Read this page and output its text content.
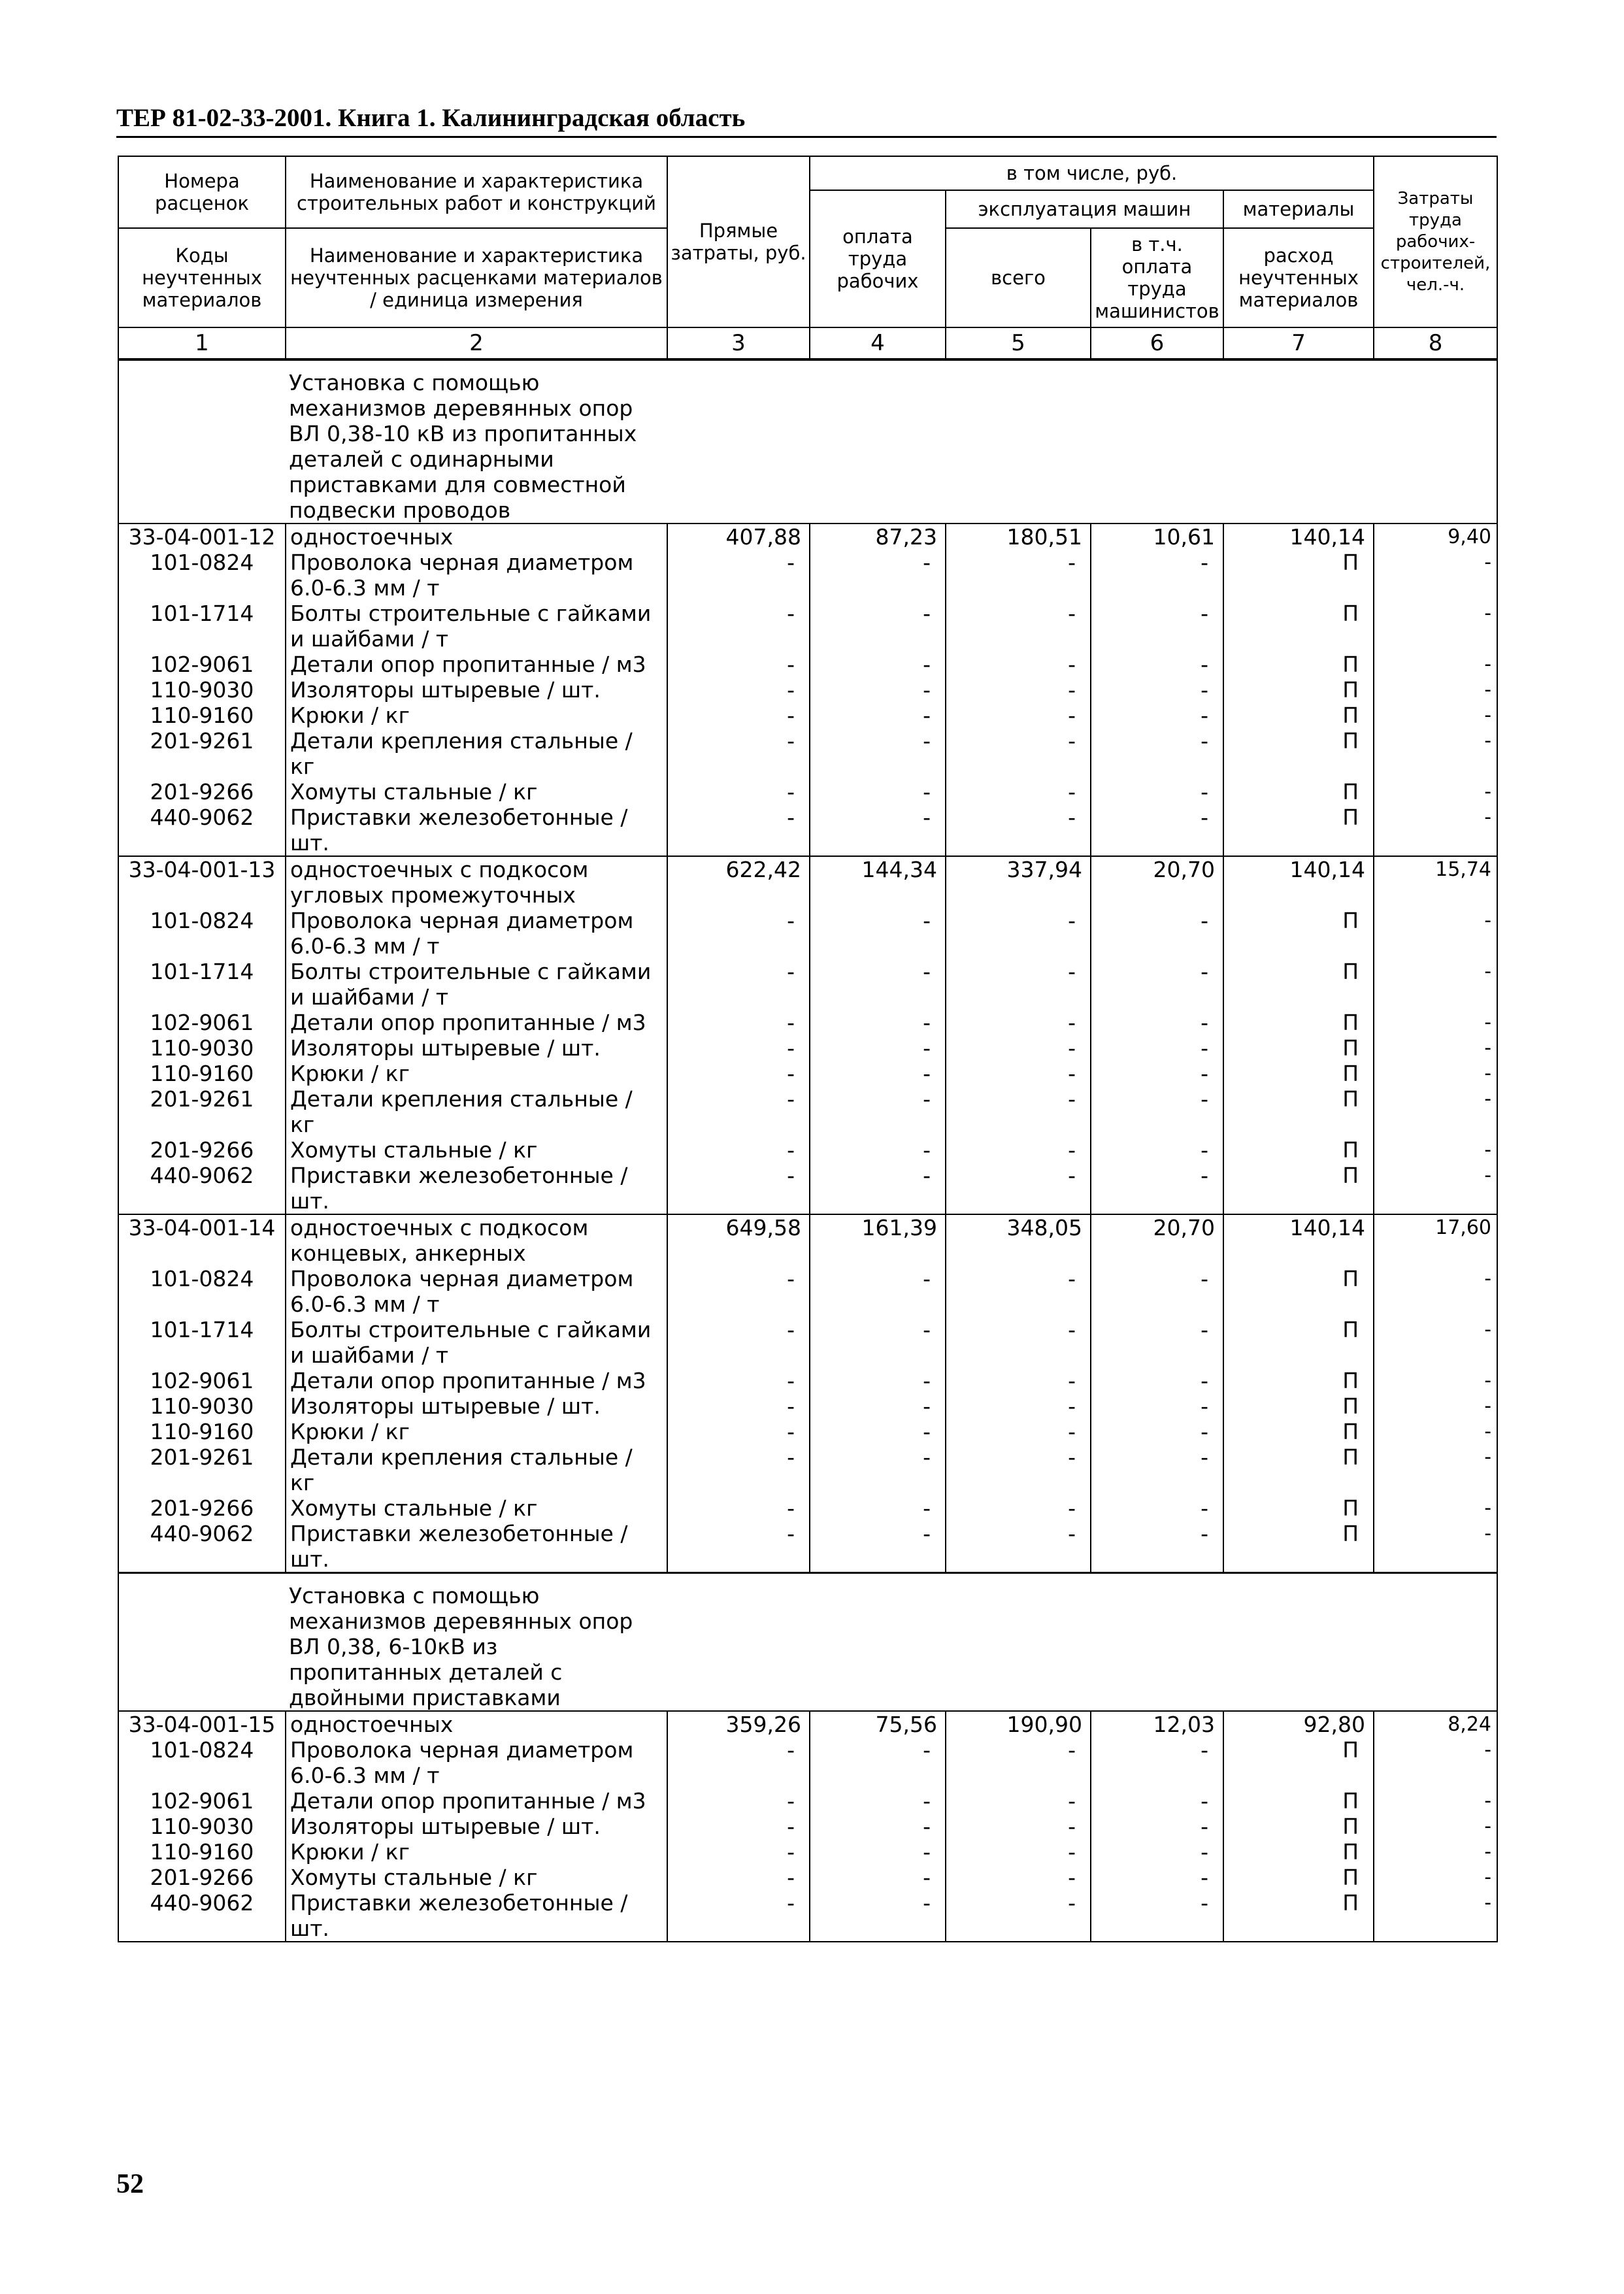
ТЕР 81-02-33-2001. Книга 1. Калининградская область
Номера расценок	Наименование и характеристика строительных работ и конструкций	Прямые затраты, руб.	в том числе, руб.				Затраты труда рабочих-строителей, чел.-ч.
			оплата труда рабочих	эксплуатация машин		материалы	
Коды неучтенных материалов	Наименование и характеристика неучтенных расценками материалов / единица измерения			всего	в т.ч. оплата труда машинистов	расход неучтенных материалов	
1	2	3	4	5	6	7	8

Установка с помощью механизмов деревянных опор ВЛ 0,38-10 кВ из пропитанных деталей с одинарными приставками для совместной подвески проводов							

33-04-001-12	одностоечных	407,88	87,23	180,51	10,61	140,14	9,40
101-0824	Проволока черная диаметром 6.0-6.3 мм / т	-	-	-	-	П	-
101-1714	Болты строительные с гайками и шайбами / т	-	-	-	-	П	-
102-9061	Детали опор пропитанные / м3	-	-	-	-	П	-
110-9030	Изоляторы штыревые / шт.	-	-	-	-	П	-
110-9160	Крюки / кг	-	-	-	-	П	-
201-9261	Детали крепления стальные / кг	-	-	-	-	П	-
201-9266	Хомуты стальные / кг	-	-	-	-	П	-
440-9062	Приставки железобетонные / шт.	-	-	-	-	П	-
33-04-001-13	одностоечных с подкосом угловых промежуточных	622,42	144,34	337,94	20,70	140,14	15,74
101-0824	Проволока черная диаметром 6.0-6.3 мм / т	-	-	-	-	П	-
101-1714	Болты строительные с гайками и шайбами / т	-	-	-	-	П	-
102-9061	Детали опор пропитанные / м3	-	-	-	-	П	-
110-9030	Изоляторы штыревые / шт.	-	-	-	-	П	-
110-9160	Крюки / кг	-	-	-	-	П	-
201-9261	Детали крепления стальные / кг	-	-	-	-	П	-
201-9266	Хомуты стальные / кг	-	-	-	-	П	-
440-9062	Приставки железобетонные / шт.	-	-	-	-	П	-
33-04-001-14	одностоечных с подкосом концевых, анкерных	649,58	161,39	348,05	20,70	140,14	17,60
101-0824	Проволока черная диаметром 6.0-6.3 мм / т	-	-	-	-	П	-
101-1714	Болты строительные с гайками и шайбами / т	-	-	-	-	П	-
102-9061	Детали опор пропитанные / м3	-	-	-	-	П	-
110-9030	Изоляторы штыревые / шт.	-	-	-	-	П	-
110-9160	Крюки / кг	-	-	-	-	П	-
201-9261	Детали крепления стальные / кг	-	-	-	-	П	-
201-9266	Хомуты стальные / кг	-	-	-	-	П	-
440-9062	Приставки железобетонные / шт.	-	-	-	-	П	-

Установка с помощью механизмов деревянных опор ВЛ 0,38, 6-10кВ из пропитанных деталей с двойными приставками							

33-04-001-15	одностоечных	359,26	75,56	190,90	12,03	92,80	8,24
101-0824	Проволока черная диаметром 6.0-6.3 мм / т	-	-	-	-	П	-
102-9061	Детали опор пропитанные / м3	-	-	-	-	П	-
110-9030	Изоляторы штыревые / шт.	-	-	-	-	П	-
110-9160	Крюки / кг	-	-	-	-	П	-
201-9266	Хомуты стальные / кг	-	-	-	-	П	-
440-9062	Приставки железобетонные / шт.	-	-	-	-	П	-
52
